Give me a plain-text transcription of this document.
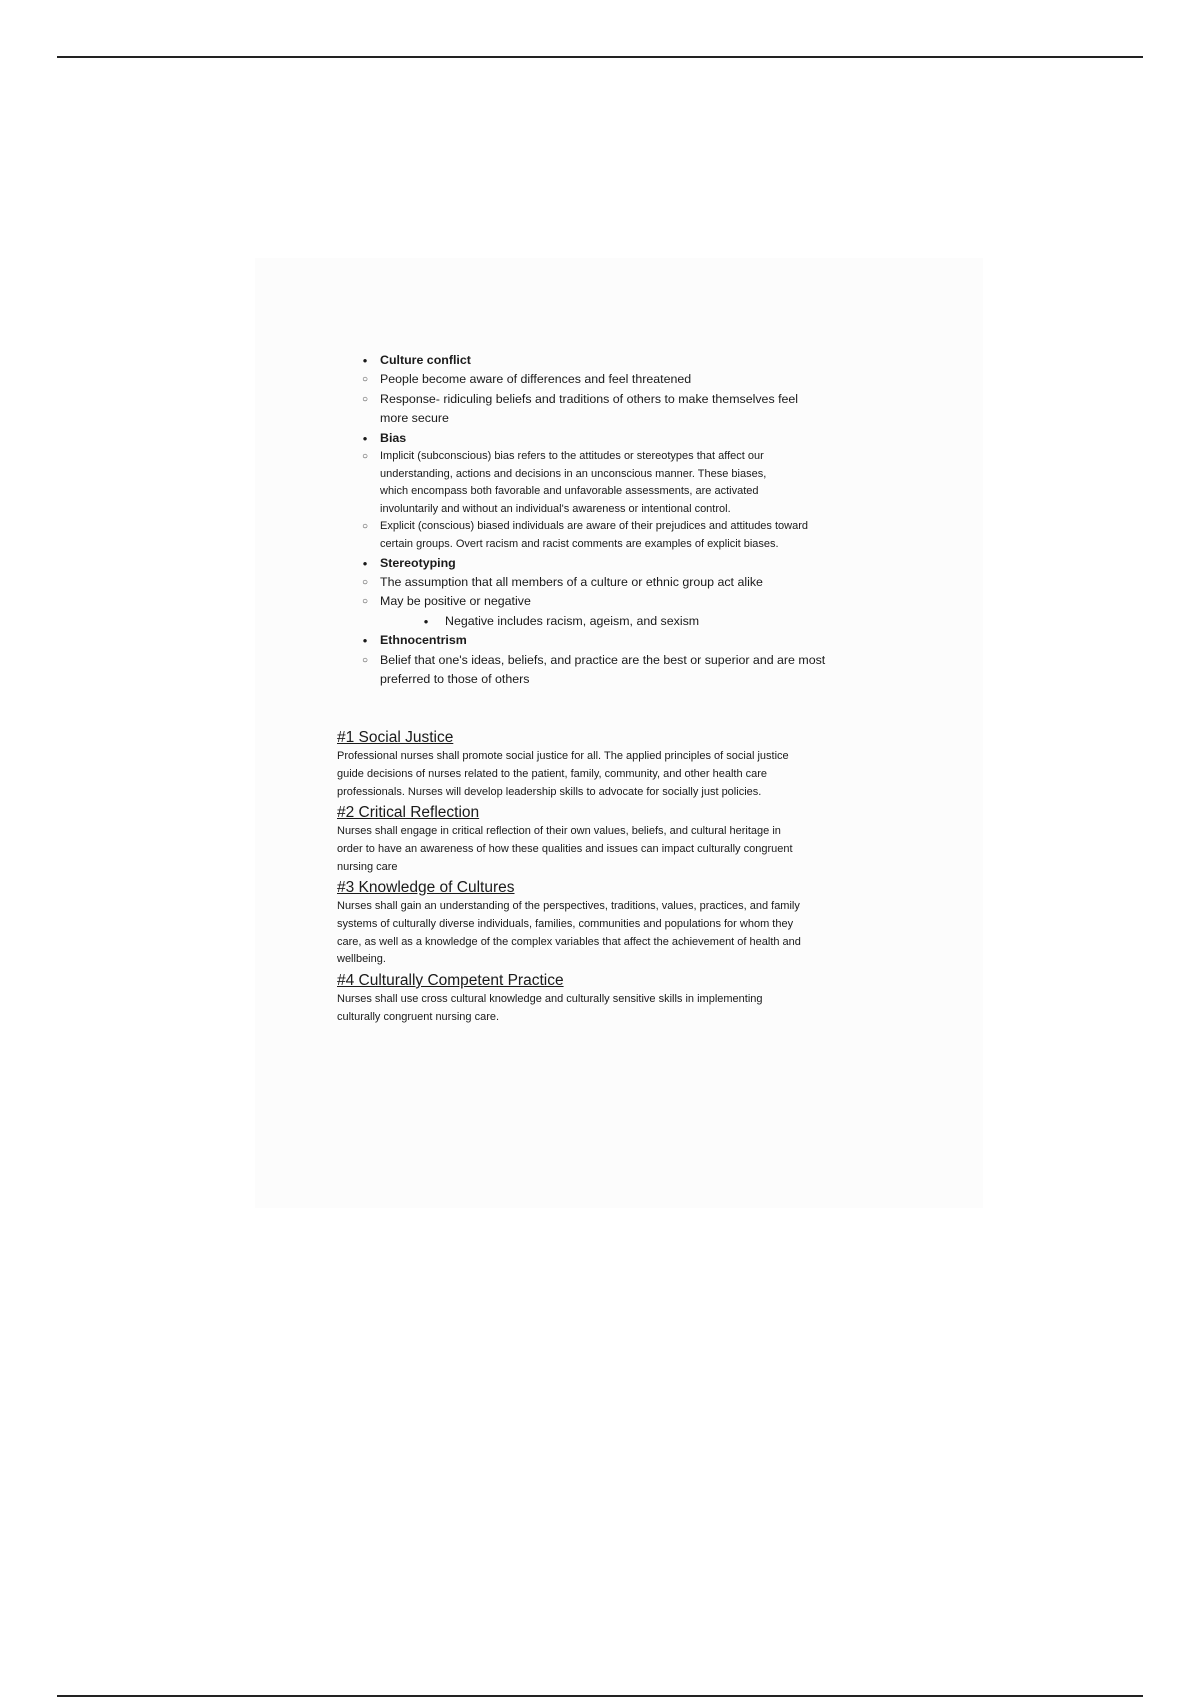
•	Culture conflict
○ People become aware of differences and feel threatened
○ Response- ridiculing beliefs and traditions of others to make themselves feel
more secure
•	Bias
○	Implicit (subconscious) bias refers to the attitudes or stereotypes that affect our
understanding, actions and decisions in an unconscious manner. These biases,
which encompass both favorable and unfavorable assessments, are activated
involuntarily and without an individual's awareness or intentional control.
○	Explicit (conscious) biased individuals are aware of their prejudices and attitudes toward
certain groups. Overt racism and racist comments are examples of explicit biases.
•	Stereotyping
○ The assumption that all members of a culture or ethnic group act alike
○ May be positive or negative
•	Negative includes racism, ageism, and sexism
•	Ethnocentrism
○ Belief that one's ideas, beliefs, and practice are the best or superior and are most
preferred to those of others
#1 Social Justice
Professional nurses shall promote social justice for all. The applied principles of social justice
guide decisions of nurses related to the patient, family, community, and other health care
professionals. Nurses will develop leadership skills to advocate for socially just policies.
#2 Critical Reflection
Nurses shall engage in critical reflection of their own values, beliefs, and cultural heritage in
order to have an awareness of how these qualities and issues can impact culturally congruent
nursing care
#3 Knowledge of Cultures
Nurses shall gain an understanding of the perspectives, traditions, values, practices, and family
systems of culturally diverse individuals, families, communities and populations for whom they
care, as well as a knowledge of the complex variables that affect the achievement of health and
wellbeing.
#4 Culturally Competent Practice
Nurses shall use cross cultural knowledge and culturally sensitive skills in implementing
culturally congruent nursing care.
